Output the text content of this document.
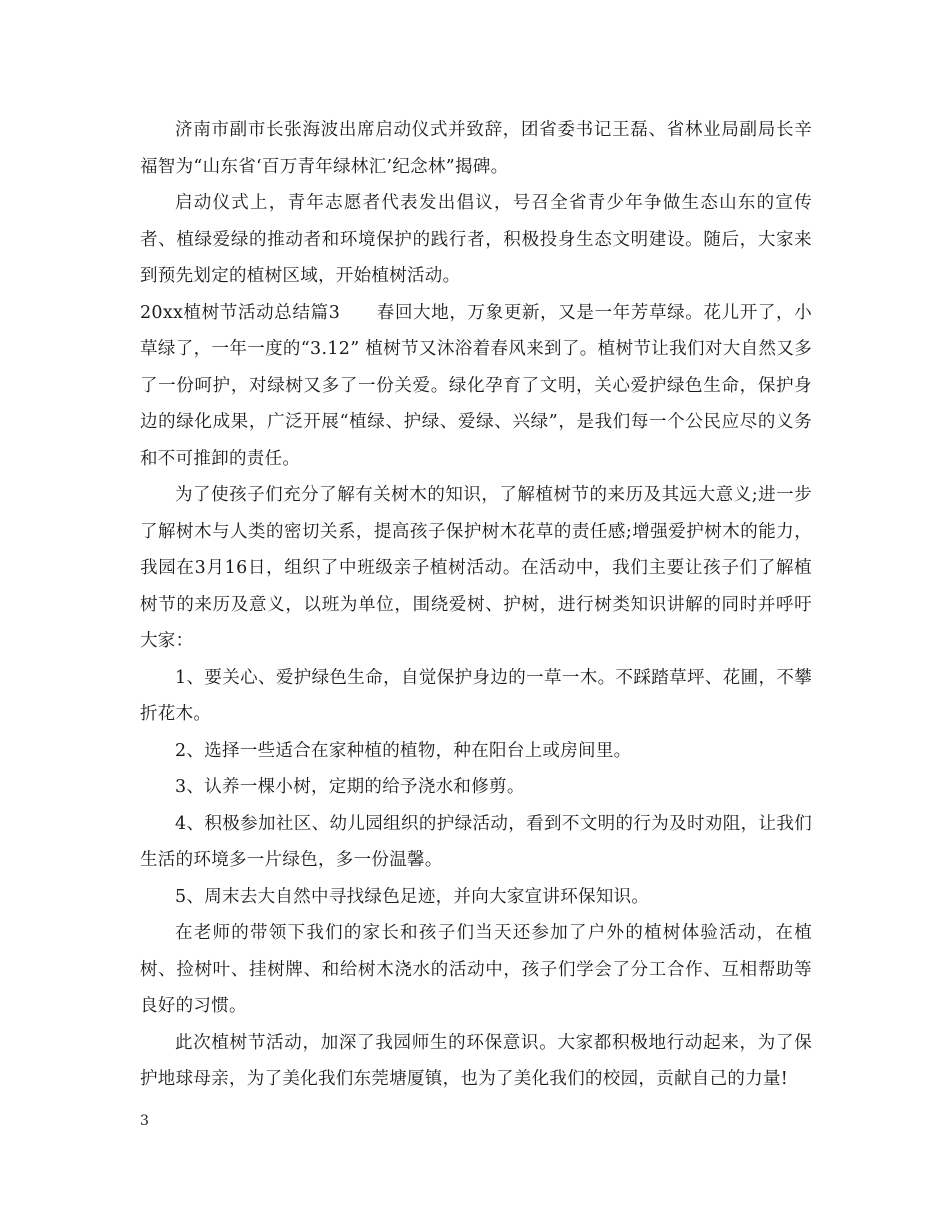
济南市副市长张海波出席启动仪式并致辞，团省委书记王磊、省林业局副局长辛福智为“山东省‘百万青年绿林汇’纪念林”揭碑。

启动仪式上，青年志愿者代表发出倡议，号召全省青少年争做生态山东的宣传者、植绿爱绿的推动者和环境保护的践行者，积极投身生态文明建设。随后，大家来到预先划定的植树区域，开始植树活动。

20xx植树节活动总结篇3　　春回大地，万象更新，又是一年芳草绿。花儿开了，小草绿了，一年一度的“3.12” 植树节又沐浴着春风来到了。植树节让我们对大自然又多了一份呵护，对绿树又多了一份关爱。绿化孕育了文明，关心爱护绿色生命，保护身边的绿化成果，广泛开展“植绿、护绿、爱绿、兴绿”，是我们每一个公民应尽的义务和不可推卸的责任。

为了使孩子们充分了解有关树木的知识，了解植树节的来历及其远大意义;进一步了解树木与人类的密切关系，提高孩子保护树木花草的责任感;增强爱护树木的能力，我园在3月16日，组织了中班级亲子植树活动。在活动中，我们主要让孩子们了解植树节的来历及意义，以班为单位，围绕爱树、护树，进行树类知识讲解的同时并呼吁大家：

1、要关心、爱护绿色生命，自觉保护身边的一草一木。不踩踏草坪、花圃，不攀折花木。

2、选择一些适合在家种植的植物，种在阳台上或房间里。

3、认养一棵小树，定期的给予浇水和修剪。

4、积极参加社区、幼儿园组织的护绿活动，看到不文明的行为及时劝阻，让我们生活的环境多一片绿色，多一份温馨。

5、周末去大自然中寻找绿色足迹，并向大家宣讲环保知识。

在老师的带领下我们的家长和孩子们当天还参加了户外的植树体验活动，在植树、捡树叶、挂树牌、和给树木浇水的活动中，孩子们学会了分工合作、互相帮助等良好的习惯。

此次植树节活动，加深了我园师生的环保意识。大家都积极地行动起来，为了保护地球母亲，为了美化我们东莞塘厦镇，也为了美化我们的校园，贡献自己的力量!

3
